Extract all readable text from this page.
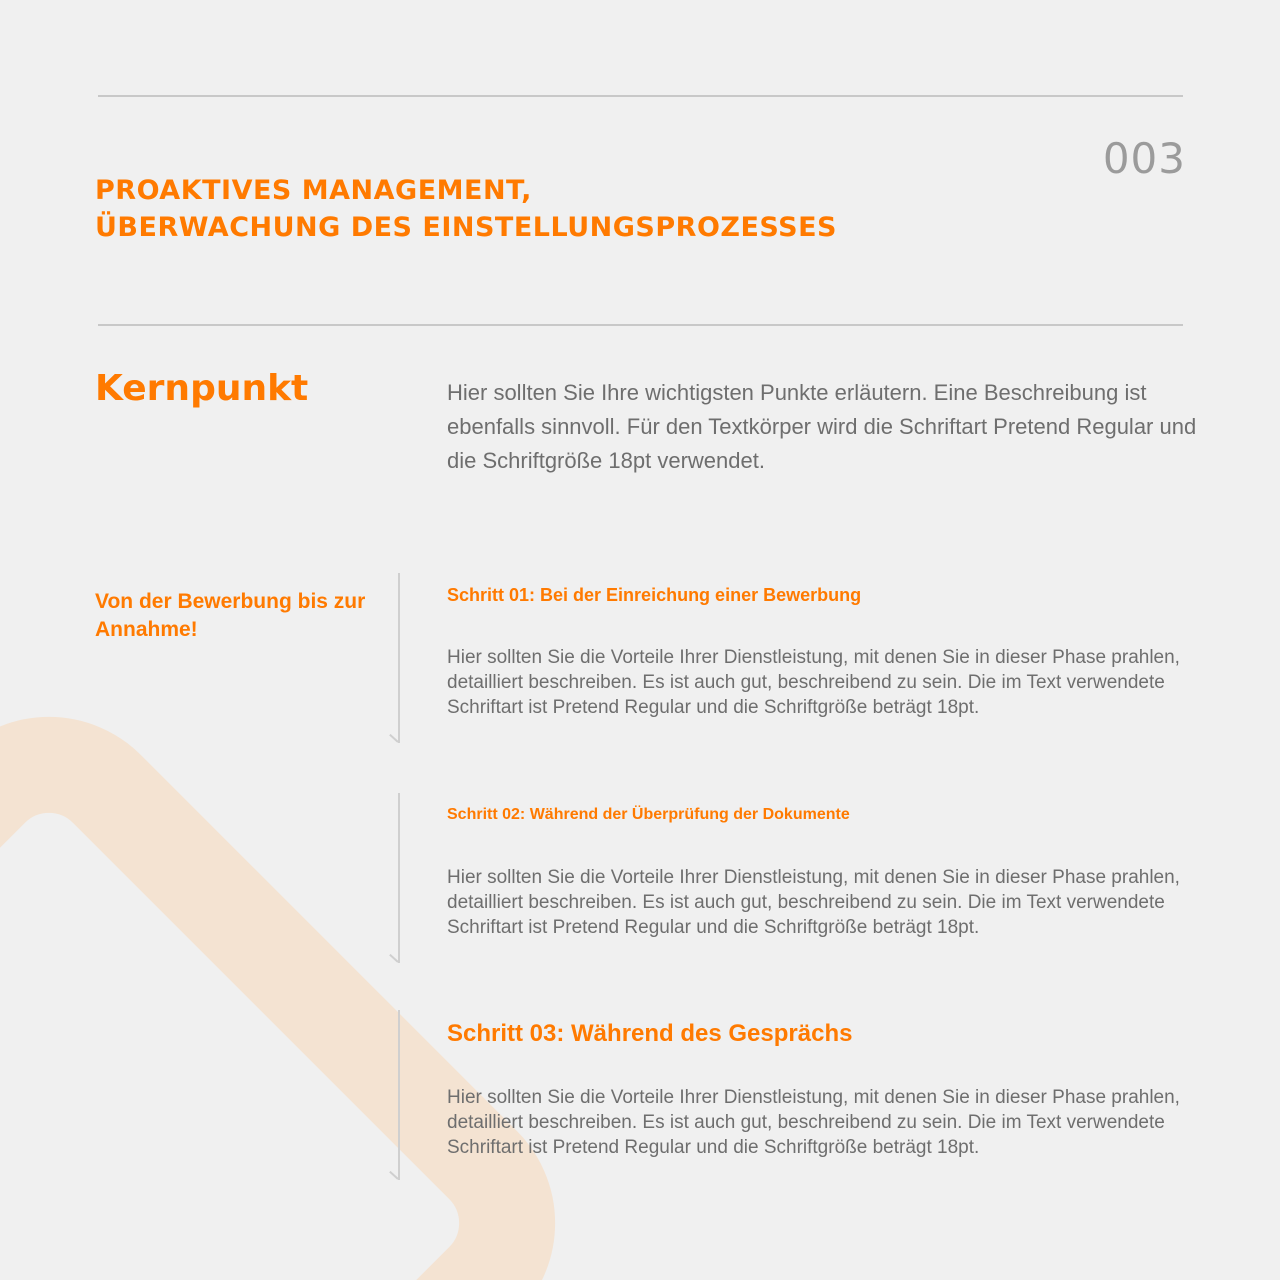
003
PROAKTIVES MANAGEMENT,
ÜBERWACHUNG DES EINSTELLUNGSPROZESSES
Kernpunkt	Hier sollten Sie Ihre wichtigsten Punkte erläutern. Eine Beschreibung ist ebenfalls sinnvoll. Für den Textkörper wird die Schriftart Pretend Regular und die Schriftgröße 18pt verwendet.

Von der Bewerbung bis zur Annahme!

Schritt 01: Bei der Einreichung einer Bewerbung

Hier sollten Sie die Vorteile Ihrer Dienstleistung, mit denen Sie in dieser Phase prahlen, detailliert beschreiben. Es ist auch gut, beschreibend zu sein. Die im Text verwendete Schriftart ist Pretend Regular und die Schriftgröße beträgt 18pt.

Schritt 02: Während der Überprüfung der Dokumente

Hier sollten Sie die Vorteile Ihrer Dienstleistung, mit denen Sie in dieser Phase prahlen, detailliert beschreiben. Es ist auch gut, beschreibend zu sein. Die im Text verwendete Schriftart ist Pretend Regular und die Schriftgröße beträgt 18pt.

Schritt 03: Während des Gesprächs

Hier sollten Sie die Vorteile Ihrer Dienstleistung, mit denen Sie in dieser Phase prahlen, detailliert beschreiben. Es ist auch gut, beschreibend zu sein. Die im Text verwendete Schriftart ist Pretend Regular und die Schriftgröße beträgt 18pt.
